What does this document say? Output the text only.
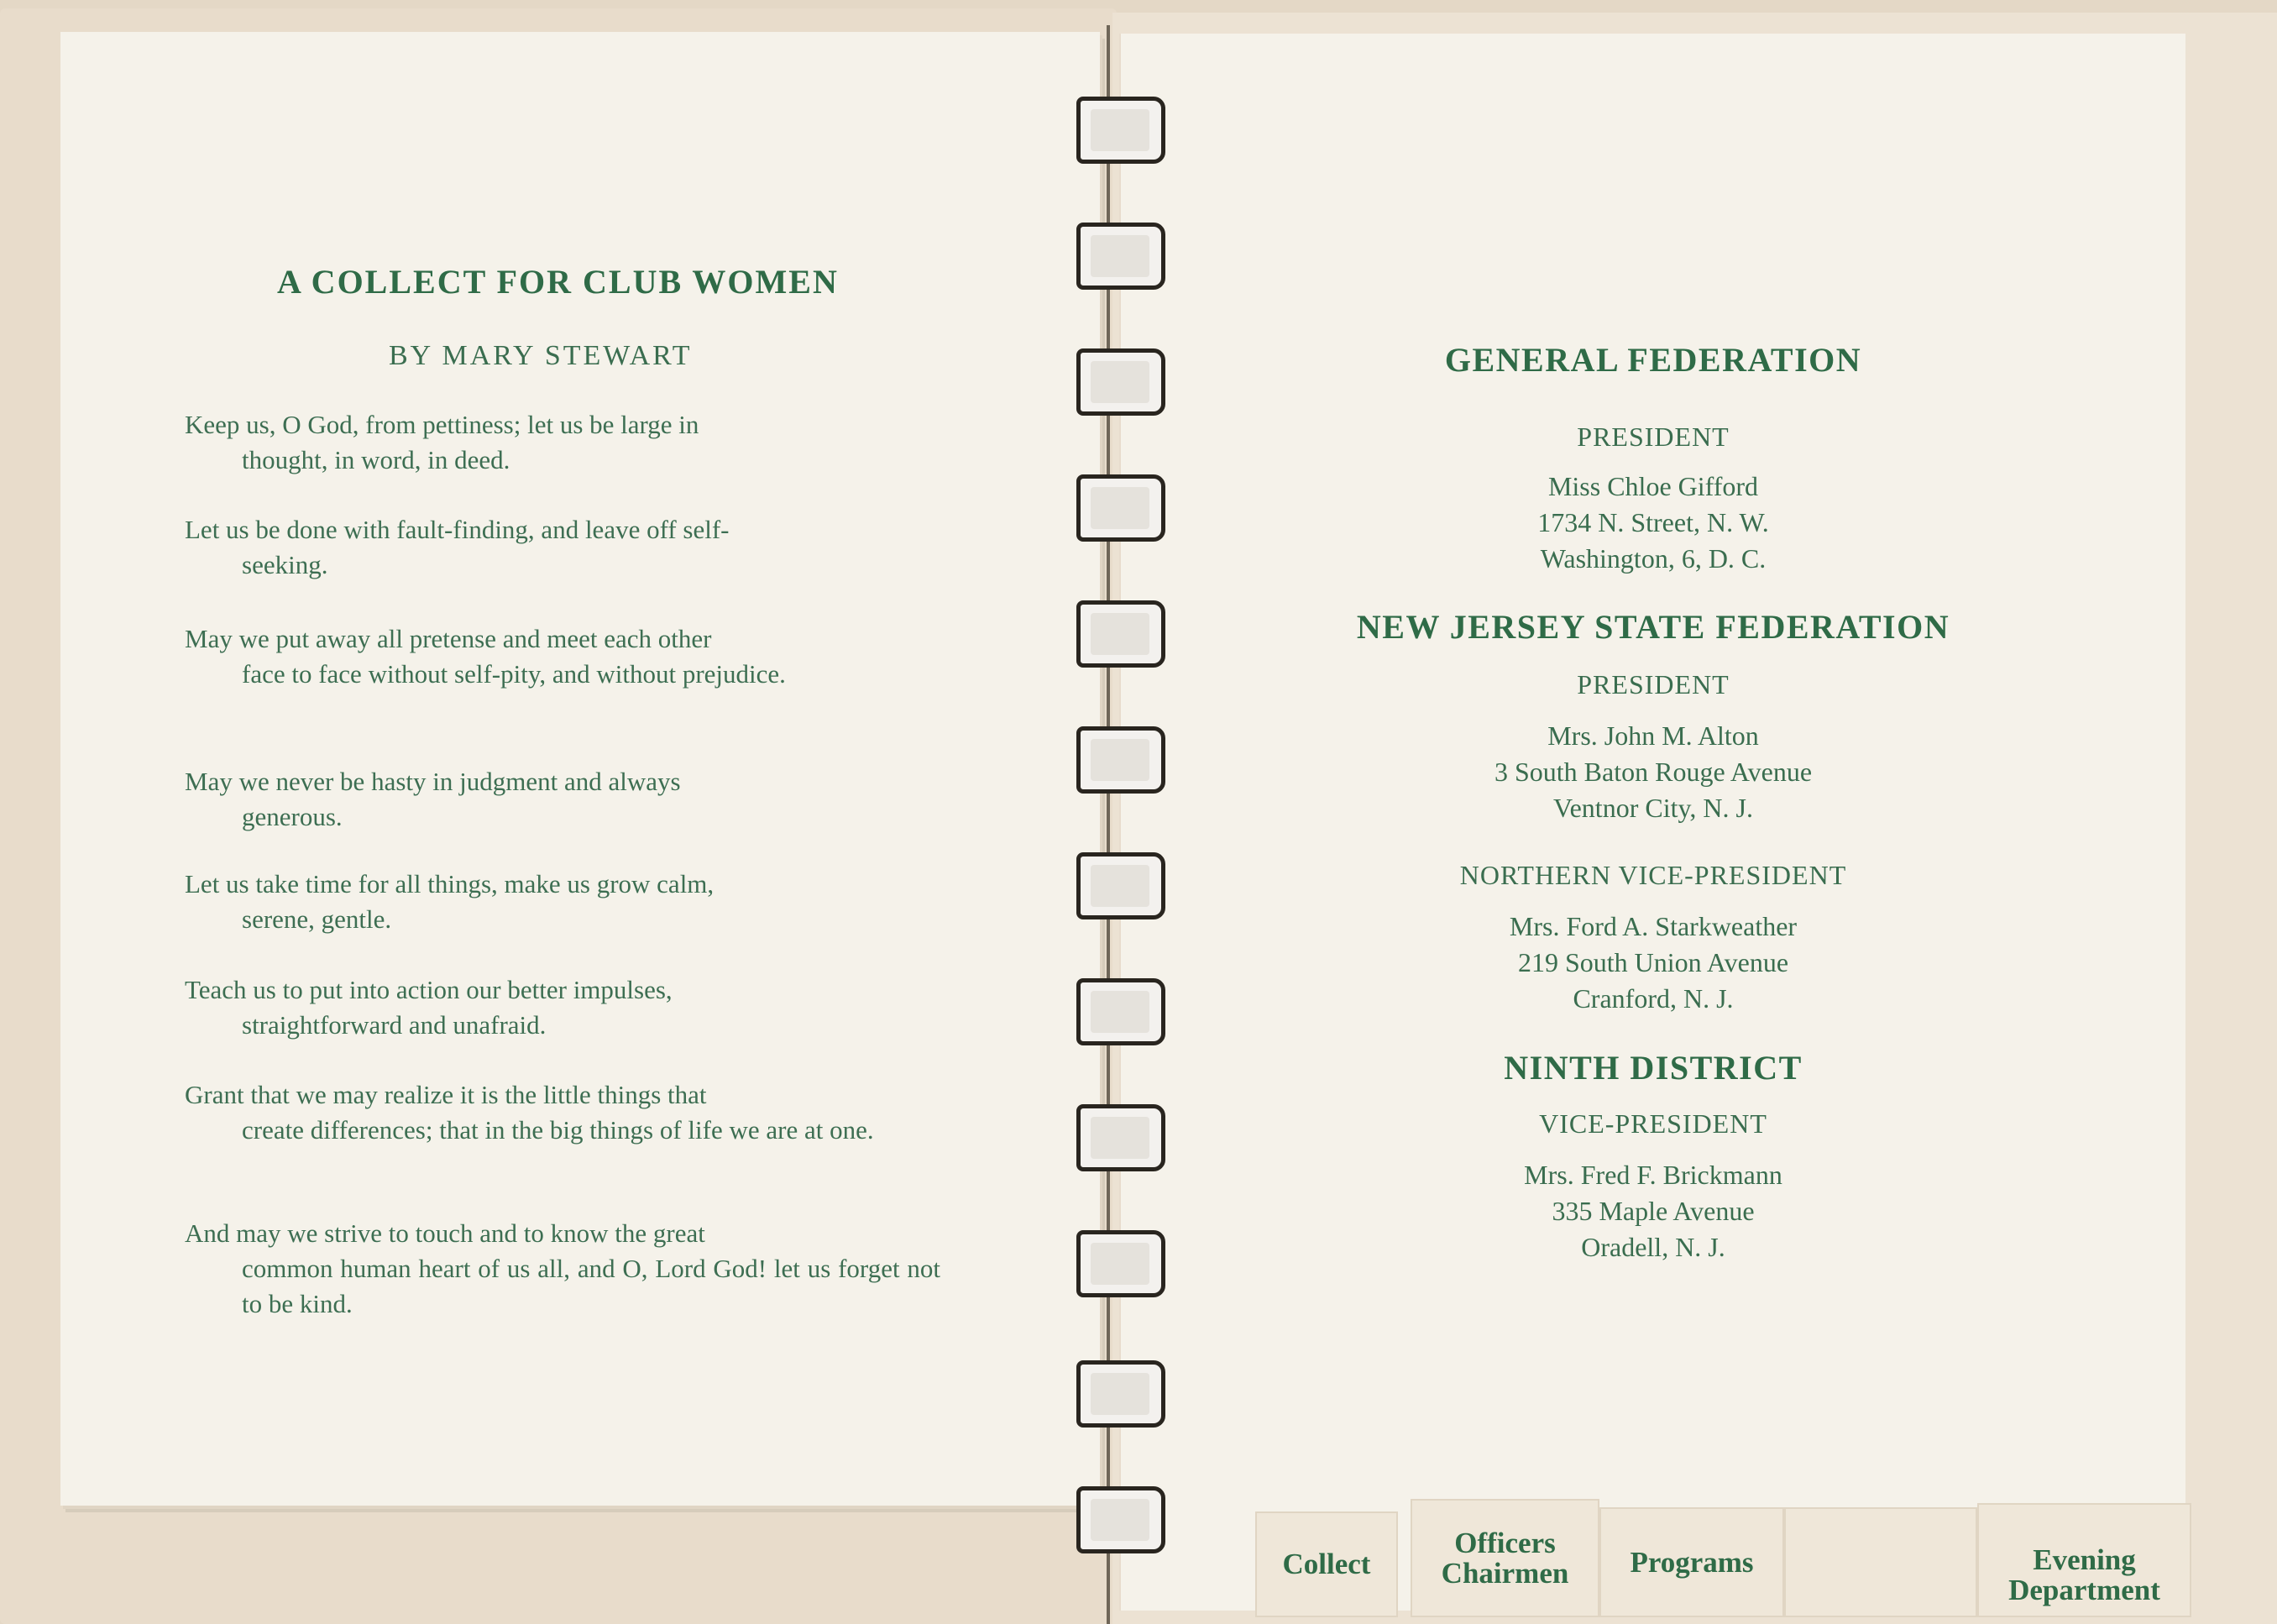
A COLLECT FOR CLUB WOMEN
BY MARY STEWART
Keep us, O God, from pettiness; let us be large in
thought, in word, in deed.
Let us be done with fault-finding, and leave off self-
seeking.
May we put away all pretense and meet each other
face to face without self-pity, and without prejudice.
May we never be hasty in judgment and always
generous.
Let us take time for all things, make us grow calm,
serene, gentle.
Teach us to put into action our better impulses,
straightforward and unafraid.
Grant that we may realize it is the little things that
create differences; that in the big things of life we are at one.
And may we strive to touch and to know the great
common human heart of us all, and O, Lord God! let us forget not to be kind.
GENERAL FEDERATION
PRESIDENT
Miss Chloe Gifford
1734 N. Street, N. W.
Washington, 6, D. C.
NEW JERSEY STATE FEDERATION
PRESIDENT
Mrs. John M. Alton
3 South Baton Rouge Avenue
Ventnor City, N. J.
NORTHERN VICE-PRESIDENT
Mrs. Ford A. Starkweather
219 South Union Avenue
Cranford, N. J.
NINTH DISTRICT
VICE-PRESIDENT
Mrs. Fred F. Brickmann
335 Maple Avenue
Oradell, N. J.
Collect
Officers
Chairmen Programs	Evening
Department
